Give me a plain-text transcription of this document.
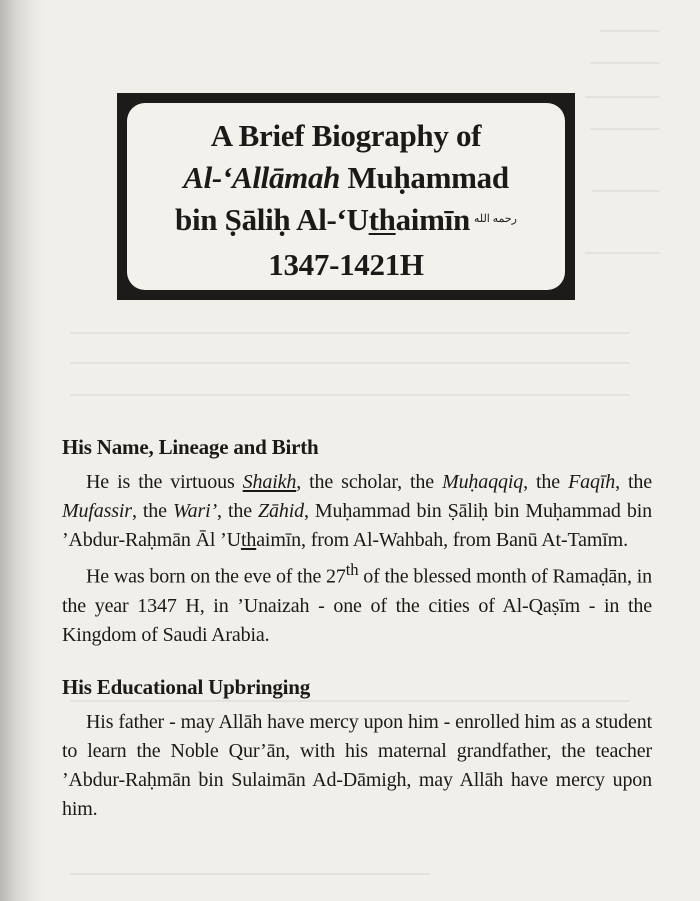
A Brief Biography of
Al-‘Allāmah Muḥammad
bin Ṣāliḥ Al-‘Uthaimīn رحمه الله
1347-1421H
His Name, Lineage and Birth

He is the virtuous Shaikh, the scholar, the Muḥaqqiq, the Faqīh, the Mufassir, the Wari’, the Zāhid, Muḥammad bin Ṣāliḥ bin Muḥammad bin ’Abdur-Raḥmān Āl ’Uthaimīn, from Al-Wahbah, from Banū At-Tamīm.

He was born on the eve of the 27th of the blessed month of Ramaḍān, in the year 1347 H, in ’Unaizah - one of the cities of Al-Qaṣīm - in the Kingdom of Saudi Arabia.

His Educational Upbringing

His father - may Allāh have mercy upon him - enrolled him as a student to learn the Noble Qur’ān, with his maternal grandfather, the teacher ’Abdur-Raḥmān bin Sulaimān Ad-Dāmigh, may Allāh have mercy upon him.
